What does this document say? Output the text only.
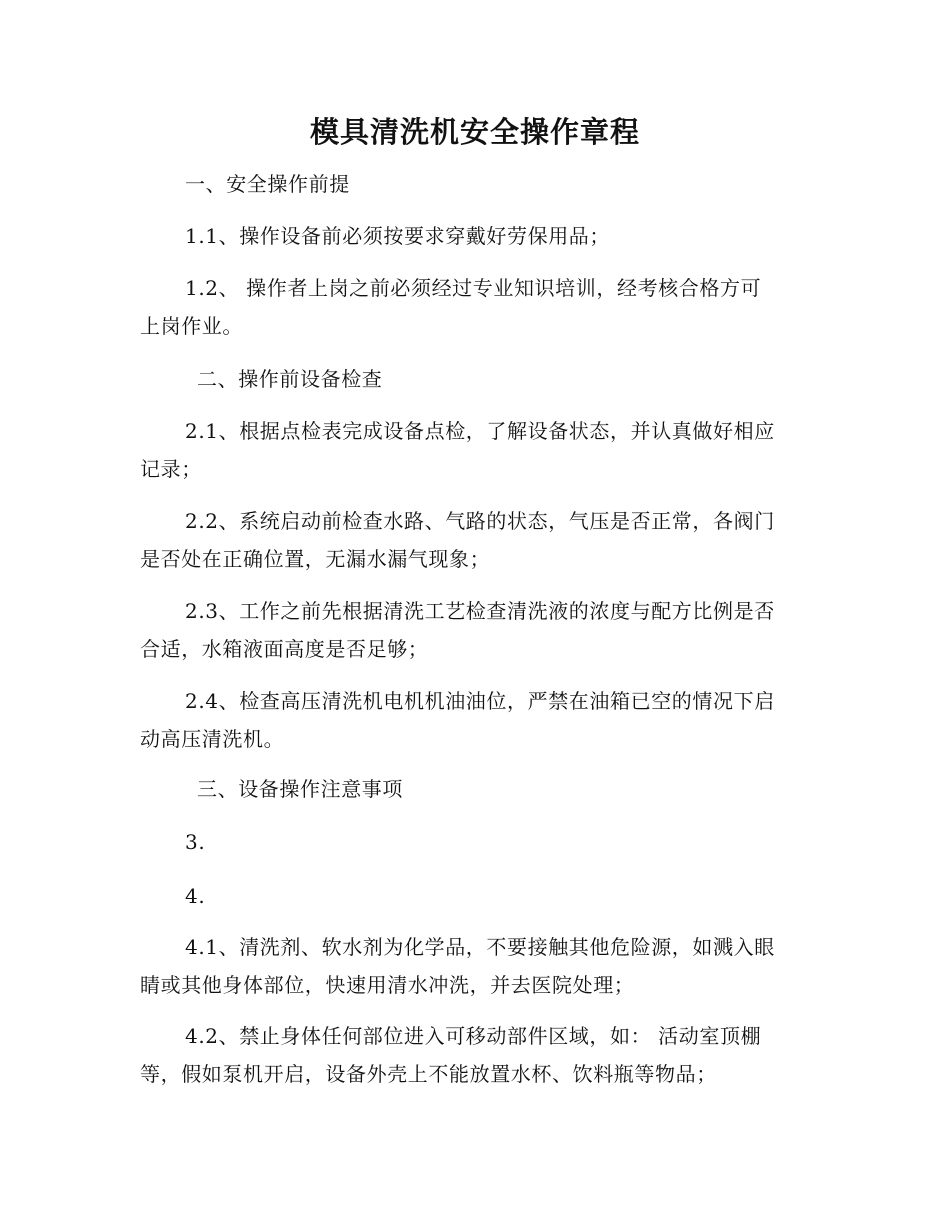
模具清洗机安全操作章程
一、安全操作前提
1.1、操作设备前必须按要求穿戴好劳保用品；
1.2、 操作者上岗之前必须经过专业知识培训，经考核合格方可
上岗作业。
二、操作前设备检查
2.1、根据点检表完成设备点检，了解设备状态，并认真做好相应
记录；
2.2、系统启动前检查水路、气路的状态，气压是否正常，各阀门
是否处在正确位置，无漏水漏气现象；
2.3、工作之前先根据清洗工艺检查清洗液的浓度与配方比例是否
合适，水箱液面高度是否足够；
2.4、检查高压清洗机电机机油油位，严禁在油箱已空的情况下启
动高压清洗机。
三、设备操作注意事项
3.
4.
4.1、清洗剂、软水剂为化学品，不要接触其他危险源，如溅入眼
睛或其他身体部位，快速用清水冲洗，并去医院处理；
4.2、禁止身体任何部位进入可移动部件区域，如： 活动室顶棚
等，假如泵机开启，设备外壳上不能放置水杯、饮料瓶等物品；
